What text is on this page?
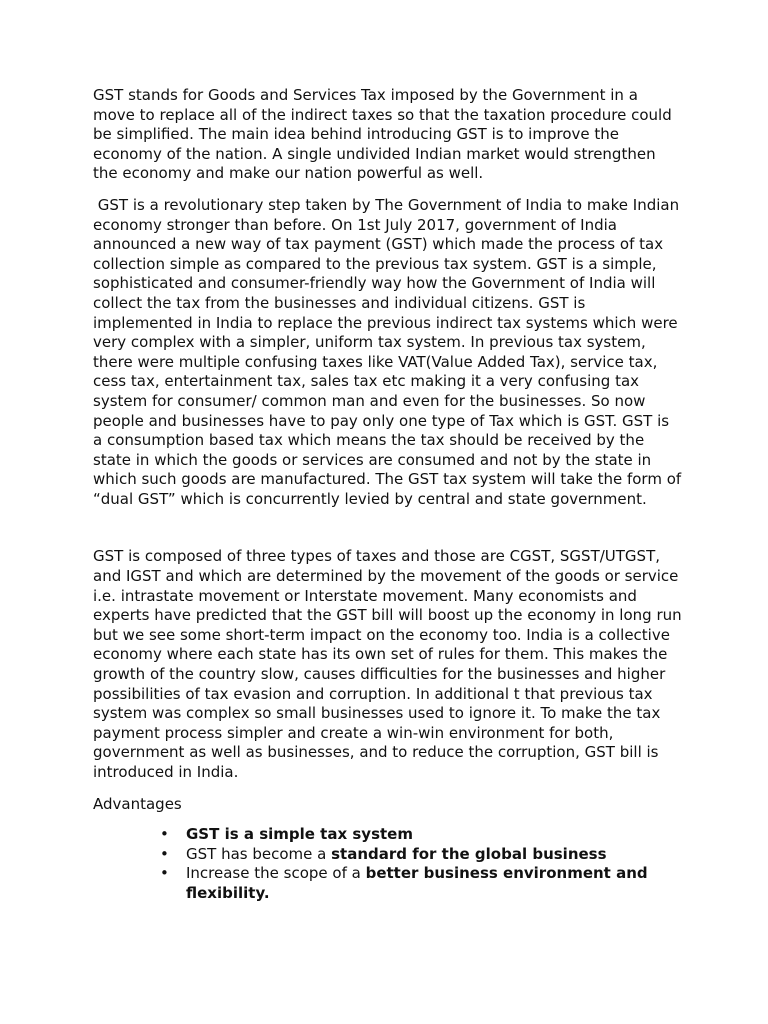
GST stands for Goods and Services Tax imposed by the Government in a move to replace all of the indirect taxes so that the taxation procedure could be simplified. The main idea behind introducing GST is to improve the economy of the nation. A single undivided Indian market would strengthen the economy and make our nation powerful as well.

GST is a revolutionary step taken by The Government of India to make Indian economy stronger than before. On 1st July 2017, government of India announced a new way of tax payment (GST) which made the process of tax collection simple as compared to the previous tax system. GST is a simple, sophisticated and consumer-friendly way how the Government of India will collect the tax from the businesses and individual citizens. GST is implemented in India to replace the previous indirect tax systems which were very complex with a simpler, uniform tax system. In previous tax system, there were multiple confusing taxes like VAT(Value Added Tax), service tax, cess tax, entertainment tax, sales tax etc making it a very confusing tax system for consumer/ common man and even for the businesses. So now people and businesses have to pay only one type of Tax which is GST. GST is a consumption based tax which means the tax should be received by the state in which the goods or services are consumed and not by the state in which such goods are manufactured. The GST tax system will take the form of “dual GST” which is concurrently levied by central and state government.

GST is composed of three types of taxes and those are CGST, SGST/UTGST, and IGST and which are determined by the movement of the goods or service i.e. intrastate movement or Interstate movement. Many economists and experts have predicted that the GST bill will boost up the economy in long run but we see some short-term impact on the economy too. India is a collective economy where each state has its own set of rules for them. This makes the growth of the country slow, causes difficulties for the businesses and higher possibilities of tax evasion and corruption. In additional t that previous tax system was complex so small businesses used to ignore it. To make the tax payment process simpler and create a win-win environment for both, government as well as businesses, and to reduce the corruption, GST bill is introduced in India.

Advantages

• GST is a simple tax system
• GST has become a standard for the global business
• Increase the scope of a better business environment and flexibility.
